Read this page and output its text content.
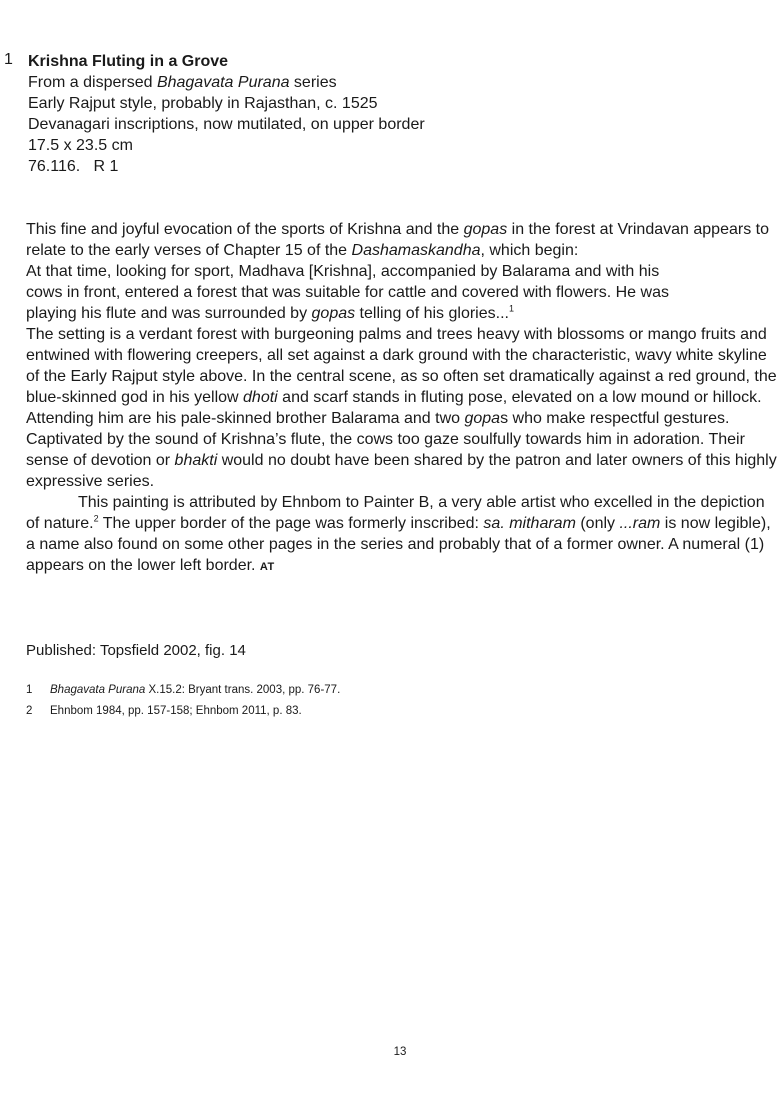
1 Krishna Fluting in a Grove
From a dispersed Bhagavata Purana series
Early Rajput style, probably in Rajasthan, c. 1525
Devanagari inscriptions, now mutilated, on upper border
17.5 x 23.5 cm
76.116.   R 1

This fine and joyful evocation of the sports of Krishna and the gopas in the forest at Vrindavan appears to relate to the early verses of Chapter 15 of the Dashamaskandha, which begin:

At that time, looking for sport, Madhava [Krishna], accompanied by Balarama and with his cows in front, entered a forest that was suitable for cattle and covered with flowers. He was playing his flute and was surrounded by gopas telling of his glories...$^1$

The setting is a verdant forest with burgeoning palms and trees heavy with blossoms or mango fruits and entwined with flowering creepers, all set against a dark ground with the characteristic, wavy white skyline of the Early Rajput style above. In the central scene, as so often set dramatically against a red ground, the blue-skinned god in his yellow dhoti and scarf stands in fluting pose, elevated on a low mound or hillock. Attending him are his pale-skinned brother Balarama and two gopas who make respectful gestures. Captivated by the sound of Krishna’s flute, the cows too gaze soulfully towards him in adoration. Their sense of devotion or bhakti would no doubt have been shared by the patron and later owners of this highly expressive series.

This painting is attributed by Ehnbom to Painter B, a very able artist who excelled in the depiction of nature.$^2$ The upper border of the page was formerly inscribed: sa. mitharam (only ...ram is now legible), a name also found on some other pages in the series and probably that of a former owner. A numeral (1) appears on the lower left border. AT

Published: Topsfield 2002, fig. 14
1 Bhagavata Purana X.15.2: Bryant trans. 2003, pp. 76-77.
2 Ehnbom 1984, pp. 157-158; Ehnbom 2011, p. 83.
13
